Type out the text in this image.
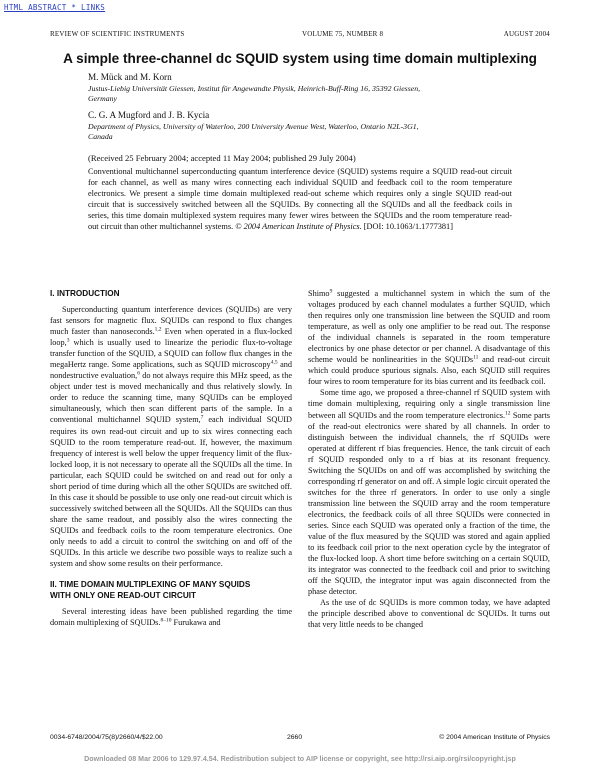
HTML ABSTRACT * LINKS
REVIEW OF SCIENTIFIC INSTRUMENTS	VOLUME 75, NUMBER 8	AUGUST 2004
A simple three-channel dc SQUID system using time domain multiplexing
M. Mück and M. Korn
Justus-Liebig Universität Giessen, Institut für Angewandte Physik, Heinrich-Buff-Ring 16, 35392 Giessen,
Germany
C. G. A Mugford and J. B. Kycia
Department of Physics, University of Waterloo, 200 University Avenue West, Waterloo, Ontario N2L-3G1,
Canada
(Received 25 February 2004; accepted 11 May 2004; published 29 July 2004)
Conventional multichannel superconducting quantum interference device (SQUID) systems require a SQUID read-out circuit for each channel, as well as many wires connecting each individual SQUID and feedback coil to the room temperature electronics. We present a simple time domain multiplexed read-out scheme which requires only a single SQUID read-out circuit that is successively switched between all the SQUIDs. By connecting all the SQUIDs and all the feedback coils in series, this time domain multiplexed system requires many fewer wires between the SQUIDs and the room temperature read-out circuit than other multichannel systems. © 2004 American Institute of Physics. [DOI: 10.1063/1.1777381]
I. INTRODUCTION

Superconducting quantum interference devices (SQUIDs) are very fast sensors for magnetic flux. SQUIDs can respond to flux changes much faster than nanoseconds.$^{1,2}$ Even when operated in a flux-locked loop,$^3$ which is usually used to linearize the periodic flux-to-voltage transfer function of the SQUID, a SQUID can follow flux changes in the megaHertz range. Some applications, such as SQUID microscopy$^{4,5}$ and nondestructive evaluation,$^6$ do not always require this MHz speed, as the object under test is moved mechanically and thus relatively slowly. In order to reduce the scanning time, many SQUIDs can be employed simultaneously, which then scan different parts of the sample. In a conventional multichannel SQUID system,$^7$ each individual SQUID requires its own read-out circuit and up to six wires connecting each SQUID to the room temperature read-out. If, however, the maximum frequency of interest is well below the upper frequency limit of the flux-locked loop, it is not necessary to operate all the SQUIDs all the time. In particular, each SQUID could be switched on and read out for only a short period of time during which all the other SQUIDs are switched off. In this case it should be possible to use only one read-out circuit which is successively switched between all the SQUIDs. All the SQUIDs can thus share the same readout, and possibly also the wires connecting the SQUIDs and feedback coils to the room temperature electronics. One only needs to add a circuit to control the switching on and off of the SQUIDs. In this article we describe two possible ways to realize such a system and show some results on their performance.

II. TIME DOMAIN MULTIPLEXING OF MANY SQUIDS
WITH ONLY ONE READ-OUT CIRCUIT

Several interesting ideas have been published regarding the time domain multiplexing of SQUIDs.$^{8-10}$ Furukawa and

Shimo$^9$ suggested a multichannel system in which the sum of the voltages produced by each channel modulates a further SQUID, which then requires only one transmission line between the SQUID and room temperature, as well as only one amplifier to be read out. The response of the individual channels is separated in the room temperature electronics by one phase detector or per channel. A disadvantage of this scheme would be nonlinearities in the SQUIDs$^{11}$ and read-out circuit which could produce spurious signals. Also, each SQUID still requires four wires to room temperature for its bias current and its feedback coil.

Some time ago, we proposed a three-channel rf SQUID system with time domain multiplexing, requiring only a single transmission line between all SQUIDs and the room temperature electronics.$^{12}$ Some parts of the read-out electronics were shared by all channels. In order to distinguish between the individual channels, the rf SQUIDs were operated at different rf bias frequencies. Hence, the tank circuit of each rf SQUID responded only to a rf bias at its resonant frequency. Switching the SQUIDs on and off was accomplished by switching the corresponding rf generator on and off. A simple logic circuit operated the switches for the three rf generators. In order to use only a single transmission line between the SQUID array and the room temperature electronics, the feedback coils of all three SQUIDs were connected in series. Since each SQUID was operated only a fraction of the time, the value of the flux measured by the SQUID was stored and again applied to its feedback coil prior to the next operation cycle by the integrator of the flux-locked loop. A short time before switching on a certain SQUID, its integrator was connected to the feedback coil and prior to switching off the SQUID, the integrator input was again disconnected from the phase detector.

As the use of dc SQUIDs is more common today, we have adapted the principle described above to conventional dc SQUIDs. It turns out that very little needs to be changed

0034-6748/2004/75(8)/2660/4/$22.00	2660	© 2004 American Institute of Physics
Downloaded 08 Mar 2006 to 129.97.4.54. Redistribution subject to AIP license or copyright, see http://rsi.aip.org/rsi/copyright.jsp
